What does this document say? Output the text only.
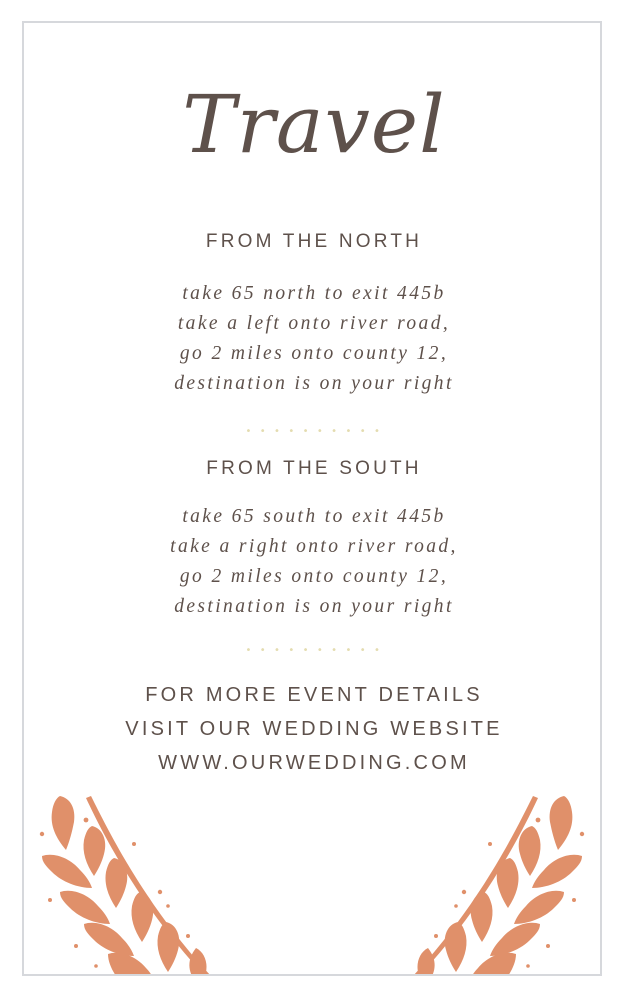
Travel
FROM THE NORTH
take 65 north to exit 445b
take a left onto river road,
go 2 miles onto county 12,
destination is on your right
• • • • • • • • • •
FROM THE SOUTH
take 65 south to exit 445b
take a right onto river road,
go 2 miles onto county 12,
destination is on your right
• • • • • • • • • •
FOR MORE EVENT DETAILS
VISIT OUR WEDDING WEBSITE
WWW.OURWEDDING.COM
